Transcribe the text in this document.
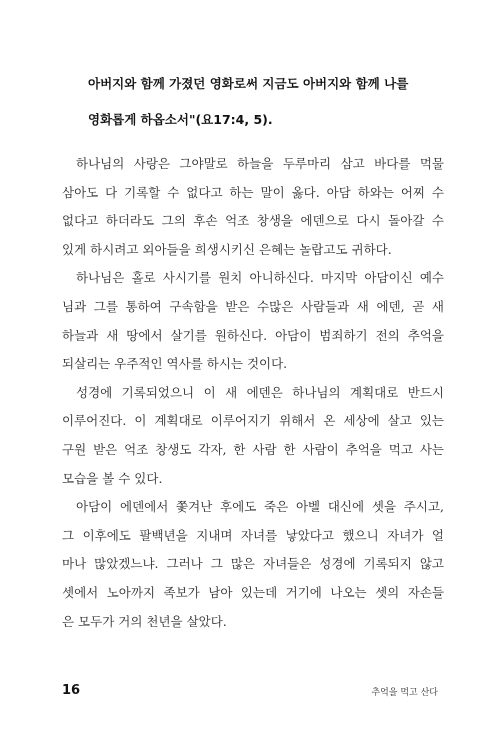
아버지와 함께 가졌던 영화로써 지금도 아버지와 함께 나를
영화롭게 하옵소서"(요17:4, 5).
하나님의 사랑은 그야말로 하늘을 두루마리 삼고 바다를 먹물
삼아도 다 기록할 수 없다고 하는 말이 옳다. 아담 하와는 어찌 수
없다고 하더라도 그의 후손 억조 창생을 에덴으로 다시 돌아갈 수
있게 하시려고 외아들을 희생시키신 은혜는 놀랍고도 귀하다.
하나님은 홀로 사시기를 원치 아니하신다. 마지막 아담이신 예수
님과 그를 통하여 구속함을 받은 수많은 사람들과 새 에덴, 곧 새
하늘과 새 땅에서 살기를 원하신다. 아담이 범죄하기 전의 추억을
되살리는 우주적인 역사를 하시는 것이다.
성경에 기록되었으니 이 새 에덴은 하나님의 계획대로 반드시
이루어진다. 이 계획대로 이루어지기 위해서 온 세상에 살고 있는
구원 받은 억조 창생도 각자, 한 사람 한 사람이 추억을 먹고 사는
모습을 볼 수 있다.
아담이 에덴에서 쫓겨난 후에도 죽은 아벨 대신에 셋을 주시고,
그 이후에도 팔백년을 지내며 자녀를 낳았다고 했으니 자녀가 얼
마나 많았겠느냐. 그러나 그 많은 자녀들은 성경에 기록되지 않고
셋에서 노아까지 족보가 남아 있는데 거기에 나오는 셋의 자손들
은 모두가 거의 천년을 살았다.
16	추억을 먹고 산다
